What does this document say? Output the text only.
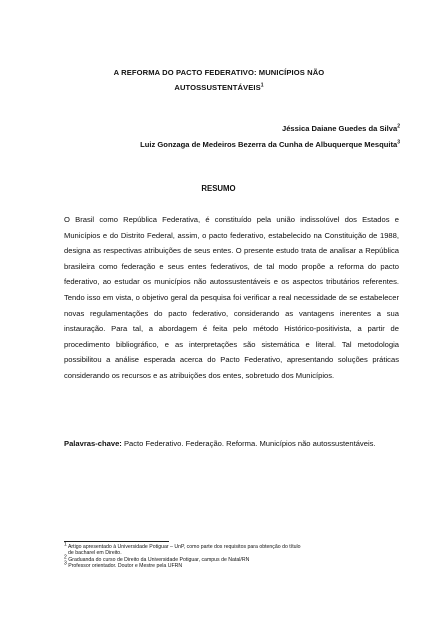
A REFORMA DO PACTO FEDERATIVO: MUNICÍPIOS NÃO
AUTOSSUSTENTÁVEIS$^1$
Jéssica Daiane Guedes da Silva$^2$
Luiz Gonzaga de Medeiros Bezerra da Cunha de Albuquerque Mesquita$^3$
RESUMO

O Brasil como República Federativa, é constituído pela união indissolúvel dos Estados e Municípios e do Distrito Federal, assim, o pacto federativo, estabelecido na Constituição de 1988, designa as respectivas atribuições de seus entes. O presente estudo trata de analisar a República brasileira como federação e seus entes federativos, de tal modo propõe a reforma do pacto federativo, ao estudar os municípios não autossustentáveis e os aspectos tributários referentes. Tendo isso em vista, o objetivo geral da pesquisa foi verificar a real necessidade de se estabelecer novas regulamentações do pacto federativo, considerando as vantagens inerentes a sua instauração. Para tal, a abordagem é feita pelo método Histórico-positivista, a partir de procedimento bibliográfico, e as interpretações são sistemática e literal. Tal metodologia possibilitou a análise esperada acerca do Pacto Federativo, apresentando soluções práticas considerando os recursos e as atribuições dos entes, sobretudo dos Municípios.

Palavras-chave: Pacto Federativo. Federação. Reforma. Municípios não autossustentáveis.

$^1$ Artigo apresentado à Universidade Potiguar – UnP, como parte dos requisitos para obtenção do título
de bacharel em Direito.
$^2$ Graduanda do curso de Direito da Universidade Potiguar, campus de Natal/RN
$^3$ Professor orientador. Doutor e Mestre pela UFRN
